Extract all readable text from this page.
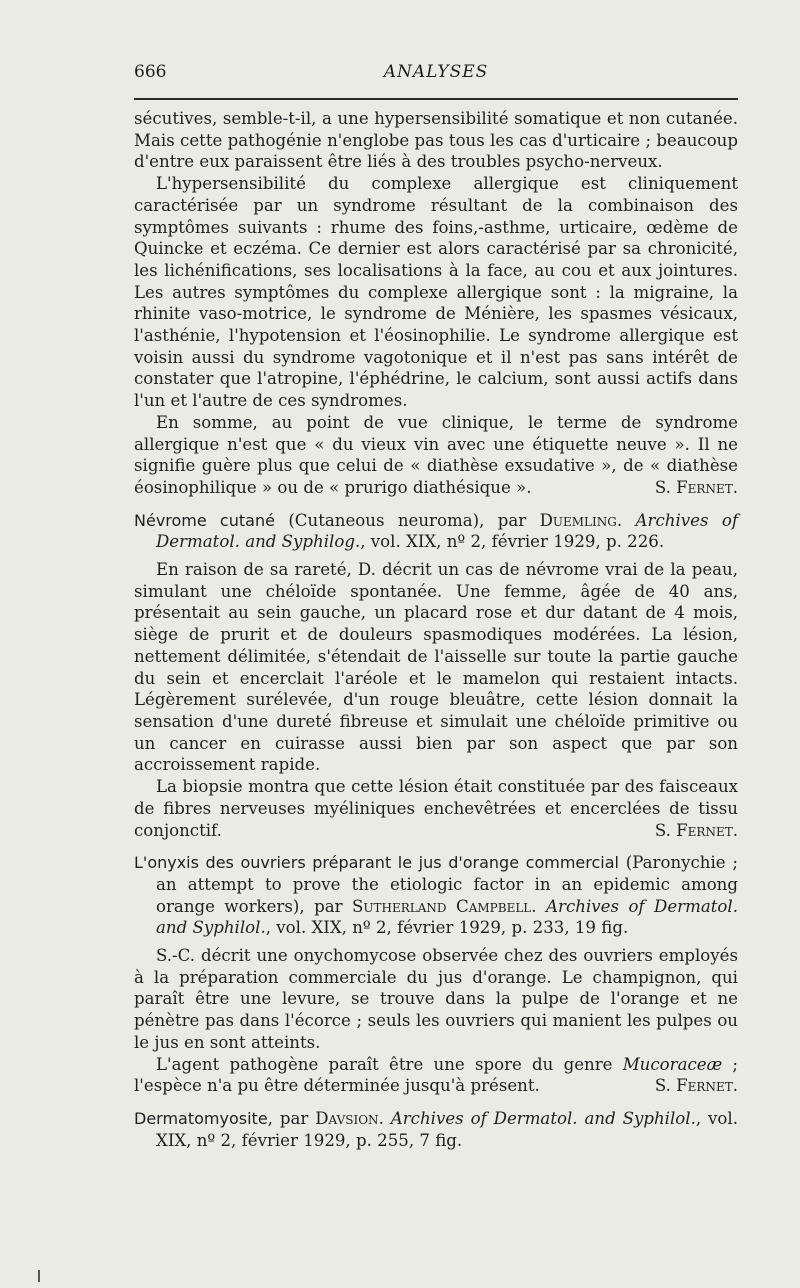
666	ANALYSES

sécutives, semble-t-il, a une hypersensibilité somatique et non cutanée. Mais cette pathogénie n'englobe pas tous les cas d'urticaire ; beaucoup d'entre eux paraissent être liés à des troubles psycho-nerveux.

L'hypersensibilité du complexe allergique est cliniquement caractérisée par un syndrome résultant de la combinaison des symptômes suivants : rhume des foins,-asthme, urticaire, œdème de Quincke et eczéma. Ce dernier est alors caractérisé par sa chronicité, les lichénifications, ses localisations à la face, au cou et aux jointures. Les autres symptômes du complexe allergique sont : la migraine, la rhinite vaso-motrice, le syndrome de Ménière, les spasmes vésicaux, l'asthénie, l'hypotension et l'éosinophilie. Le syndrome allergique est voisin aussi du syndrome vagotonique et il n'est pas sans intérêt de constater que l'atropine, l'éphédrine, le calcium, sont aussi actifs dans l'un et l'autre de ces syndromes.

En somme, au point de vue clinique, le terme de syndrome allergique n'est que « du vieux vin avec une étiquette neuve ». Il ne signifie guère plus que celui de « diathèse exsudative », de « diathèse éosinophilique » ou de « prurigo diathésique ».	S. Fernet.

Névrome cutané (Cutaneous neuroma), par Duemling. Archives of Dermatol. and Syphilog., vol. XIX, nº 2, février 1929, p. 226.

En raison de sa rareté, D. décrit un cas de névrome vrai de la peau, simulant une chéloïde spontanée. Une femme, âgée de 40 ans, présentait au sein gauche, un placard rose et dur datant de 4 mois, siège de prurit et de douleurs spasmodiques modérées. La lésion, nettement délimitée, s'étendait de l'aisselle sur toute la partie gauche du sein et encerclait l'aréole et le mamelon qui restaient intacts. Légèrement surélevée, d'un rouge bleuâtre, cette lésion donnait la sensation d'une dureté fibreuse et simulait une chéloïde primitive ou un cancer en cuirasse aussi bien par son aspect que par son accroissement rapide.

La biopsie montra que cette lésion était constituée par des faisceaux de fibres nerveuses myéliniques enchevêtrées et encerclées de tissu conjonctif.	S. Fernet.

L'onyxis des ouvriers préparant le jus d'orange commercial (Paronychie ; an attempt to prove the etiologic factor in an epidemic among orange workers), par Sutherland Campbell. Archives of Dermatol. and Syphilol., vol. XIX, nº 2, février 1929, p. 233, 19 fig.

S.-C. décrit une onychomycose observée chez des ouvriers employés à la préparation commerciale du jus d'orange. Le champignon, qui paraît être une levure, se trouve dans la pulpe de l'orange et ne pénètre pas dans l'écorce ; seuls les ouvriers qui manient les pulpes ou le jus en sont atteints.

L'agent pathogène paraît être une spore du genre Mucoraceæ ; l'espèce n'a pu être déterminée jusqu'à présent.	S. Fernet.

Dermatomyosite, par Davsion. Archives of Dermatol. and Syphilol., vol. XIX, nº 2, février 1929, p. 255, 7 fig.
